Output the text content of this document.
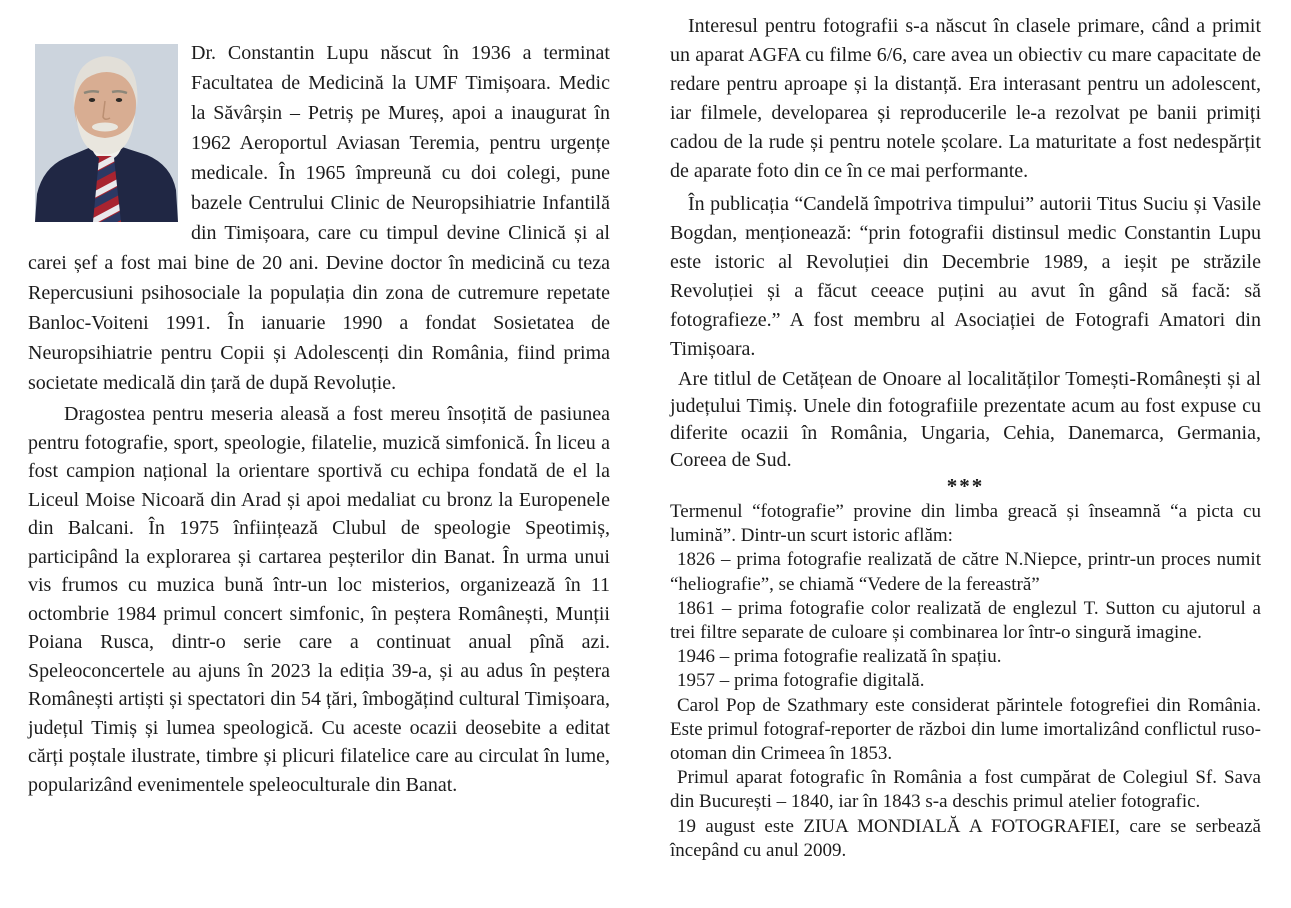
Dr. Constantin Lupu născut în 1936 a terminat Facultatea de Medicină la UMF Timișoara. Medic la Săvârșin – Petriș pe Mureș, apoi a inaugurat în 1962 Aeroportul Aviasan Teremia, pentru urgențe medicale. În 1965 împreună cu doi colegi, pune bazele Centrului Clinic de Neuropsihiatrie Infantilă din Timișoara, care cu timpul devine Clinică și al carei șef a fost mai bine de 20 ani. Devine doctor în medicină cu teza Repercusiuni psihosociale la populația din zona de cutremure repetate Banloc-Voiteni 1991. În ianuarie 1990 a fondat Sosietatea de Neuropsihiatrie pentru Copii și Adolescenți din România, fiind prima societate medicală din țară de după Revoluție.

Dragostea pentru meseria aleasă a fost mereu însoțită de pasiunea pentru fotografie, sport, speologie, filatelie, muzică simfonică. În liceu a fost campion național la orientare sportivă cu echipa fondată de el la Liceul Moise Nicoară din Arad și apoi medaliat cu bronz la Europenele din Balcani. În 1975 înființează Clubul de speologie Speotimiș, participând la explorarea și cartarea peșterilor din Banat. În urma unui vis frumos cu muzica bună într-un loc misterios, organizează în 11 octombrie 1984 primul concert simfonic, în peștera Românești, Munții Poiana Rusca, dintr-o serie care a continuat anual pînă azi. Speleoconcertele au ajuns în 2023 la ediția 39-a, și au adus în peștera Românești artiști și spectatori din 54 țări, îmbogățind cultural Timișoara, județul Timiș și lumea speologică. Cu aceste ocazii deosebite a editat cărți poștale ilustrate, timbre și plicuri filatelice care au circulat în lume, popularizând evenimentele speleoculturale din Banat.

Interesul pentru fotografii s-a născut în clasele primare, când a primit un aparat AGFA cu filme 6/6, care avea un obiectiv cu mare capacitate de redare pentru aproape și la distanță. Era interasant pentru un adolescent, iar filmele, developarea și reproducerile le-a rezolvat pe banii primiți cadou de la rude și pentru notele școlare. La maturitate a fost nedespărțit de aparate foto din ce în ce mai performante.

În publicația “Candelă împotriva timpului” autorii Titus Suciu și Vasile Bogdan, menționează: “prin fotografii distinsul medic Constantin Lupu este istoric al Revoluției din Decembrie 1989, a ieșit pe străzile Revoluției și a făcut ceeace puțini au avut în gând să facă: să fotografieze.” A fost membru al Asociației de Fotografi Amatori din Timișoara.

Are titlul de Cetățean de Onoare al localităților Tomești-Românești și al județului Timiș. Unele din fotografiile prezentate acum au fost expuse cu diferite ocazii în România, Ungaria, Cehia, Danemarca, Germania, Coreea de Sud.

***

Termenul “fotografie” provine din limba greacă și înseamnă “a picta cu lumină”. Dintr-un scurt istoric aflăm:

1826 – prima fotografie realizată de către N.Niepce, printr-un proces numit “heliografie”, se chiamă “Vedere de la fereastră”

1861 – prima fotografie color realizată de englezul T. Sutton cu ajutorul a trei filtre separate de culoare și combinarea lor într-o singură imagine.

1946 – prima fotografie realizată în spațiu.

1957 – prima fotografie digitală.

Carol Pop de Szathmary este considerat părintele fotogrefiei din România. Este primul fotograf-reporter de război din lume imortalizând conflictul ruso-otoman din Crimeea în 1853.

Primul aparat fotografic în România a fost cumpărat de Colegiul Sf. Sava din București – 1840, iar în 1843 s-a deschis primul atelier fotografic.

19 august este ZIUA MONDIALĂ A FOTOGRAFIEI, care se serbează începând cu anul 2009.
